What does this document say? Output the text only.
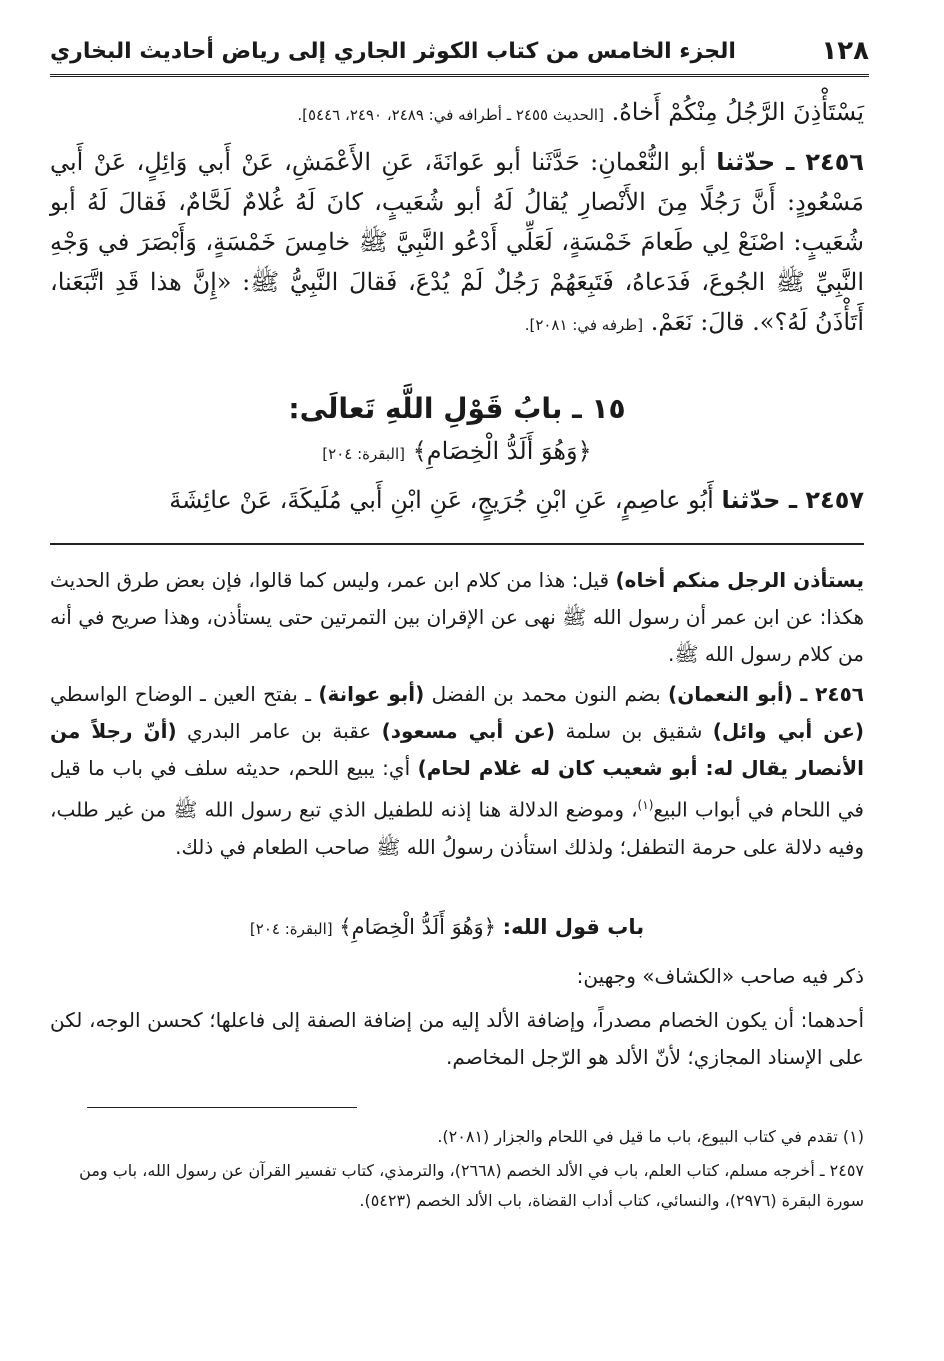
١٢٨
الجزء الخامس من كتاب الكوثر الجاري إلى رياض أحاديث البخاري
يَسْتَأْذِنَ الرَّجُلُ مِنْكُمْ أَخاهُ. [الحديث ٢٤٥٥ ـ أطرافه في: ٢٤٨٩، ٢٤٩٠، ٥٤٤٦].
٢٤٥٦ ـ حدّثنا أبو النُّعْمانِ: حَدَّثَنا أبو عَوانَةَ، عَنِ الأَعْمَشِ، عَنْ أَبي وَائِلٍ، عَنْ أَبي مَسْعُودٍ: أَنَّ رَجُلًا مِنَ الأَنْصارِ يُقالُ لَهُ أبو شُعَيبٍ، كانَ لَهُ غُلامٌ لَحَّامٌ، فَقالَ لَهُ أبو شُعَيبٍ: اصْنَعْ لِي طَعامَ خَمْسَةٍ، لَعَلِّي أَدْعُو النَّبِيَّ ﷺ خامِسَ خَمْسَةٍ، وَأَبْصَرَ في وَجْهِ النَّبِيِّ ﷺ الجُوعَ، فَدَعاهُ، فَتَبِعَهُمْ رَجُلٌ لَمْ يُدْعَ، فَقالَ النَّبِيُّ ﷺ: «إِنَّ هذا قَدِ اتَّبَعَنا، أَتَأْذَنُ لَهُ؟». قالَ: نَعَمْ. [طرفه في: ٢٠٨١].
١٥ ـ بابُ قَوْلِ اللَّهِ تَعالَى:
﴿وَهُوَ أَلَدُّ الْخِصَامِ﴾ [البقرة: ٢٠٤]
٢٤٥٧ ـ حدّثنا أَبُو عاصِمٍ، عَنِ ابْنِ جُرَيجٍ، عَنِ ابْنِ أَبي مُلَيكَةَ، عَنْ عائِشَةَ
يستأذن الرجل منكم أخاه) قيل: هذا من كلام ابن عمر، وليس كما قالوا، فإن بعض طرق الحديث هكذا: عن ابن عمر أن رسول الله ﷺ نهى عن الإقران بين التمرتين حتى يستأذن، وهذا صريح في أنه من كلام رسول الله ﷺ.
٢٤٥٦ ـ (أبو النعمان) بضم النون محمد بن الفضل (أبو عوانة) ـ بفتح العين ـ الوضاح الواسطي (عن أبي وائل) شقيق بن سلمة (عن أبي مسعود) عقبة بن عامر البدري (أنّ رجلاً من الأنصار يقال له: أبو شعيب كان له غلام لحام) أي: يبيع اللحم، حديثه سلف في باب ما قيل في اللحام في أبواب البيع$^{(١)}$، وموضع الدلالة هنا إذنه للطفيل الذي تبع رسول الله ﷺ من غير طلب، وفيه دلالة على حرمة التطفل؛ ولذلك استأذن رسولُ الله ﷺ صاحب الطعام في ذلك.
باب قول الله: ﴿وَهُوَ أَلَدُّ الْخِصَامِ﴾ [البقرة: ٢٠٤]
ذكر فيه صاحب «الكشاف» وجهين:
أحدهما: أن يكون الخصام مصدراً، وإضافة الألد إليه من إضافة الصفة إلى فاعلها؛ كحسن الوجه، لكن على الإسناد المجازي؛ لأنّ الألد هو الرّجل المخاصم.

(١) تقدم في كتاب البيوع، باب ما قيل في اللحام والجزار (٢٠٨١).

٢٤٥٧ ـ أخرجه مسلم، كتاب العلم، باب في الألد الخصم (٢٦٦٨)، والترمذي، كتاب تفسير القرآن عن رسول الله، باب ومن سورة البقرة (٢٩٧٦)، والنسائي، كتاب أداب القضاة، باب الألد الخصم (٥٤٢٣).
